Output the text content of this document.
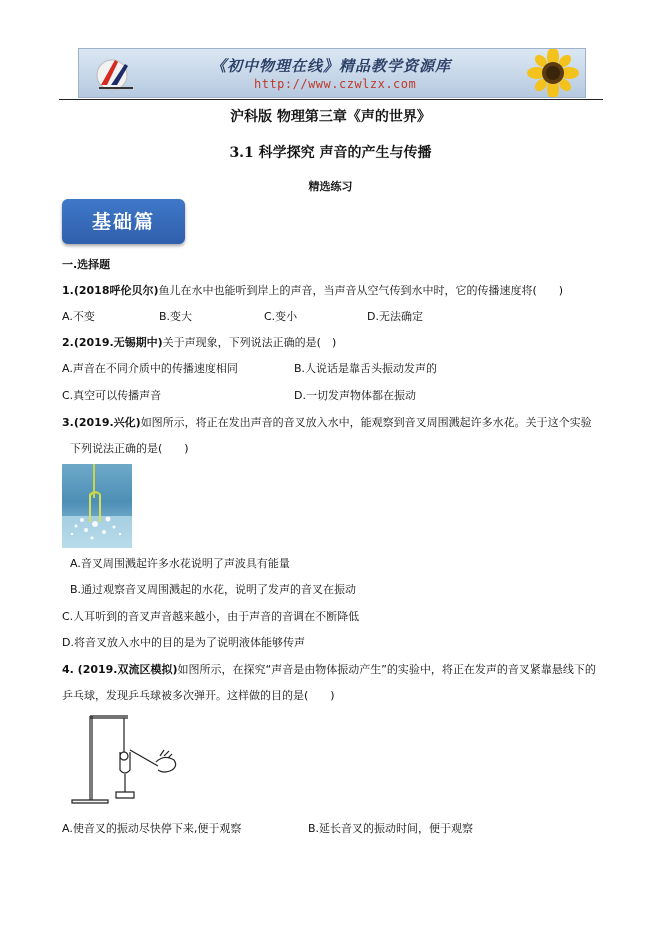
《初中物理在线》精品教学资源库
http://www.czwlzx.com
沪科版 物理第三章《声的世界》
3.1 科学探究 声音的产生与传播
精选练习
基础篇
一.选择题
1.(2018呼伦贝尔)鱼儿在水中也能听到岸上的声音，当声音从空气传到水中时，它的传播速度将(　　)
A.不变	B.变大	C.变小	D.无法确定
2.(2019.无锡期中)关于声现象，下列说法正确的是(　)
A.声音在不同介质中的传播速度相同	B.人说话是靠舌头振动发声的
C.真空可以传播声音	D.一切发声物体都在振动
3.(2019.兴化)如图所示，将正在发出声音的音叉放入水中，能观察到音叉周围溅起许多水花。关于这个实验
下列说法正确的是(　　)
A.音叉周围溅起许多水花说明了声波具有能量
B.通过观察音叉周围溅起的水花，说明了发声的音叉在振动
C.人耳听到的音叉声音越来越小，由于声音的音调在不断降低
D.将音叉放入水中的目的是为了说明液体能够传声
4. (2019.双流区模拟)如图所示，在探究“声音是由物体振动产生”的实验中，将正在发声的音叉紧靠悬线下的
乒乓球，发现乒乓球被多次弹开。这样做的目的是(　　)
A.使音叉的振动尽快停下来,便于观察	B.延长音叉的振动时间，便于观察
